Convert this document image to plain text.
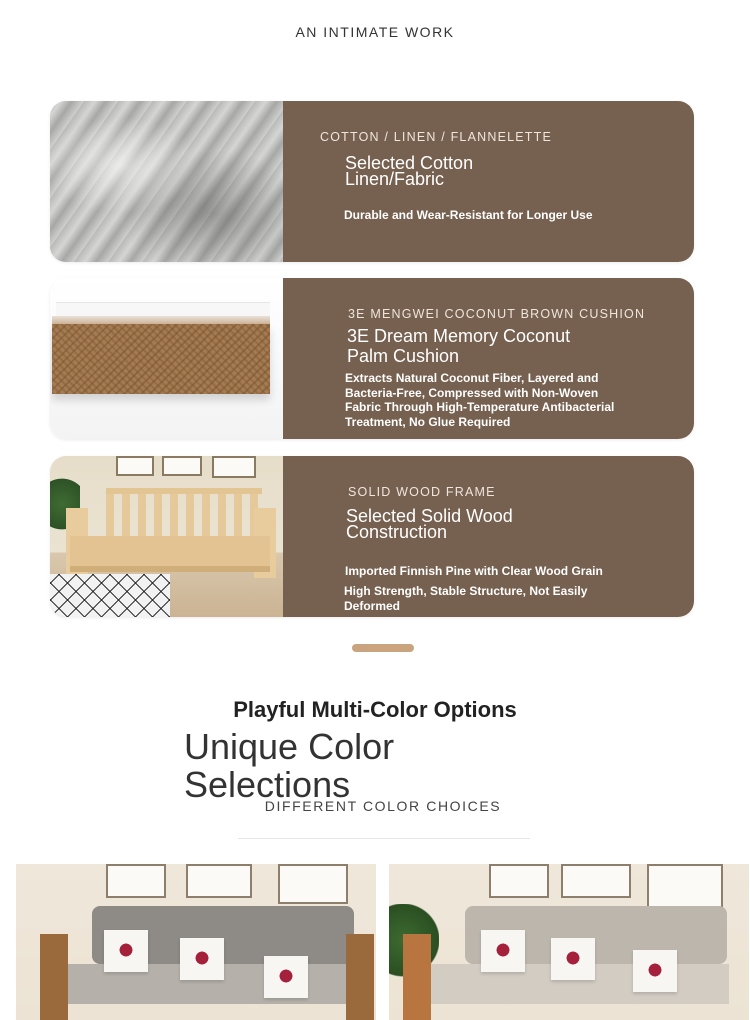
AN INTIMATE WORK
COTTON / LINEN / FLANNELETTE
Selected Cotton
Linen/Fabric
Durable and Wear-Resistant for Longer Use
3E MENGWEI COCONUT BROWN CUSHION
3E Dream Memory Coconut
Palm Cushion
Extracts Natural Coconut Fiber, Layered and
Bacteria-Free, Compressed with Non-Woven
Fabric Through High-Temperature Antibacterial
Treatment, No Glue Required
SOLID WOOD FRAME
Selected Solid Wood
Construction
Imported Finnish Pine with Clear Wood Grain
High Strength, Stable Structure, Not Easily
Deformed
Playful Multi-Color Options
Unique Color
Selections
DIFFERENT COLOR CHOICES
